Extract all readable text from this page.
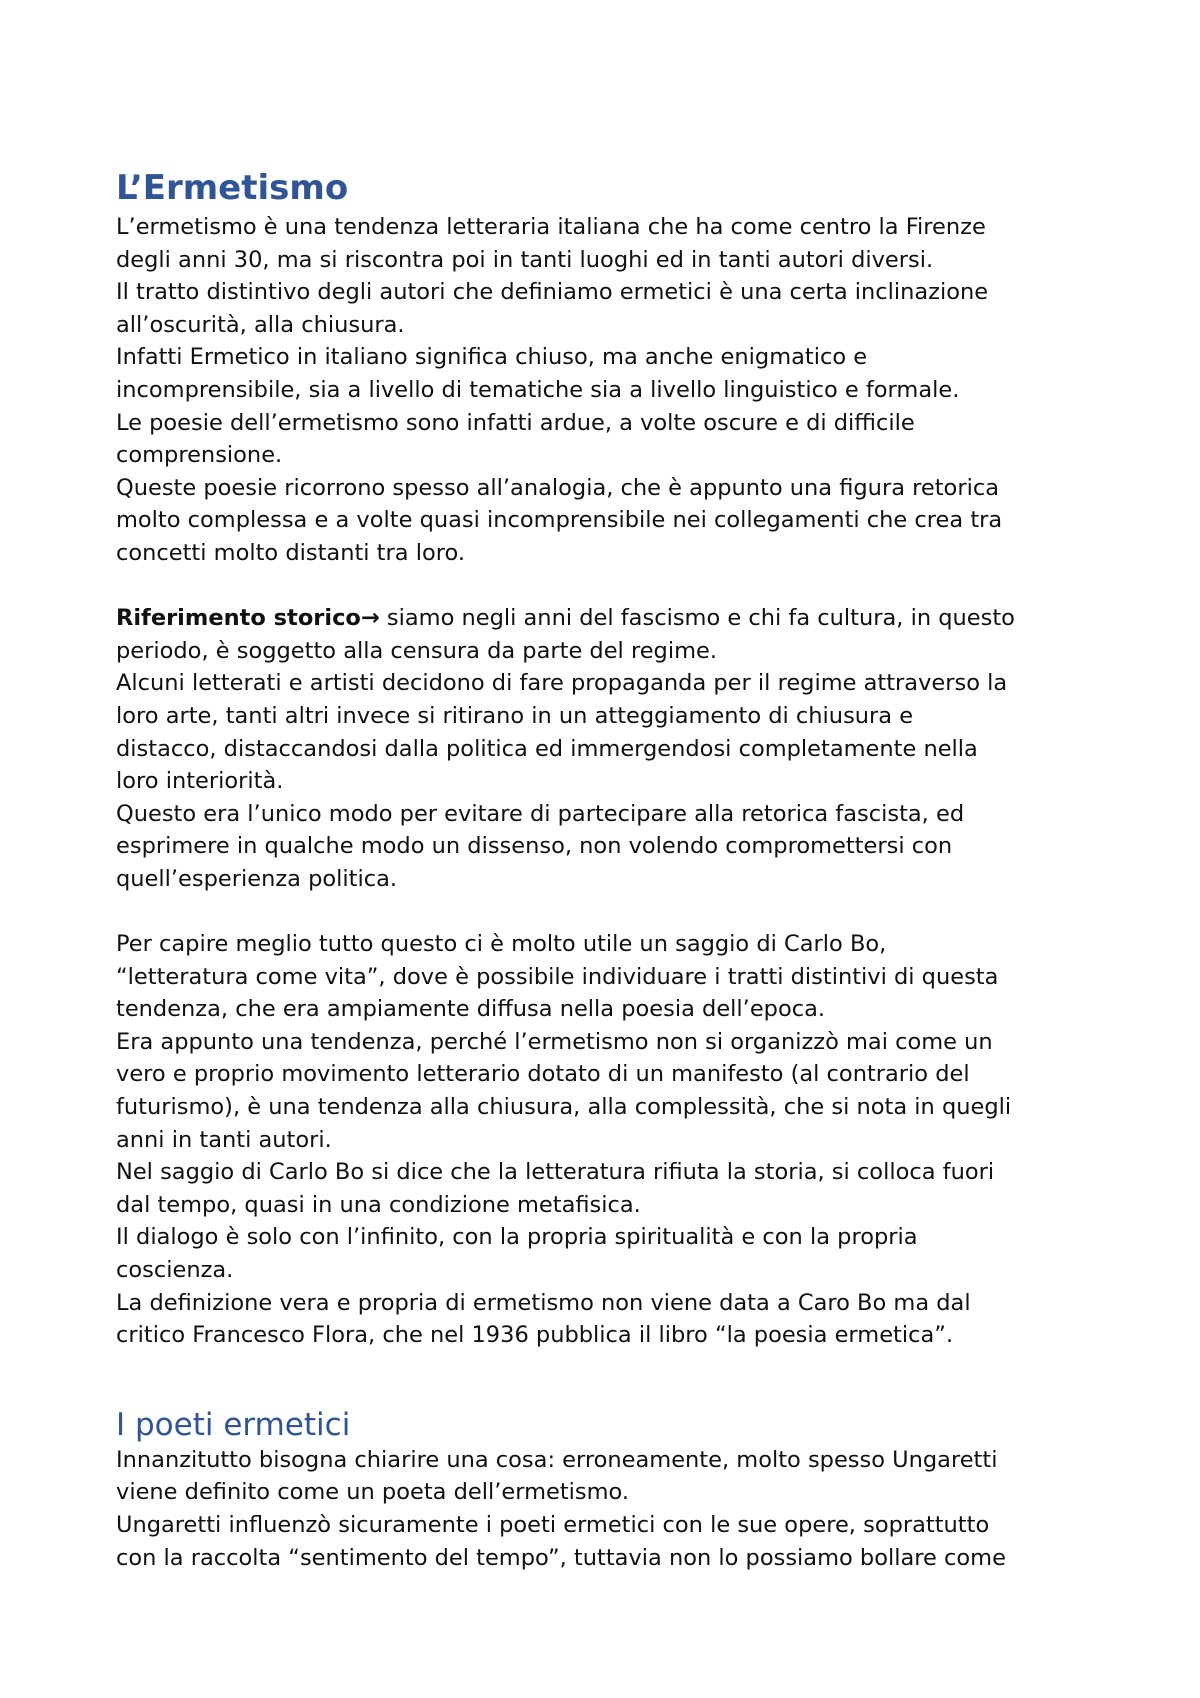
L’Ermetismo
L’ermetismo è una tendenza letteraria italiana che ha come centro la Firenze
degli anni 30, ma si riscontra poi in tanti luoghi ed in tanti autori diversi.
Il tratto distintivo degli autori che definiamo ermetici è una certa inclinazione
all’oscurità, alla chiusura.
Infatti Ermetico in italiano significa chiuso, ma anche enigmatico e
incomprensibile, sia a livello di tematiche sia a livello linguistico e formale.
Le poesie dell’ermetismo sono infatti ardue, a volte oscure e di difficile
comprensione.
Queste poesie ricorrono spesso all’analogia, che è appunto una figura retorica
molto complessa e a volte quasi incomprensibile nei collegamenti che crea tra
concetti molto distanti tra loro.
Riferimento storico→ siamo negli anni del fascismo e chi fa cultura, in questo
periodo, è soggetto alla censura da parte del regime.
Alcuni letterati e artisti decidono di fare propaganda per il regime attraverso la
loro arte, tanti altri invece si ritirano in un atteggiamento di chiusura e
distacco, distaccandosi dalla politica ed immergendosi completamente nella
loro interiorità.
Questo era l’unico modo per evitare di partecipare alla retorica fascista, ed
esprimere in qualche modo un dissenso, non volendo compromettersi con
quell’esperienza politica.
Per capire meglio tutto questo ci è molto utile un saggio di Carlo Bo,
“letteratura come vita”, dove è possibile individuare i tratti distintivi di questa
tendenza, che era ampiamente diffusa nella poesia dell’epoca.
Era appunto una tendenza, perché l’ermetismo non si organizzò mai come un
vero e proprio movimento letterario dotato di un manifesto (al contrario del
futurismo), è una tendenza alla chiusura, alla complessità, che si nota in quegli
anni in tanti autori.
Nel saggio di Carlo Bo si dice che la letteratura rifiuta la storia, si colloca fuori
dal tempo, quasi in una condizione metafisica.
Il dialogo è solo con l’infinito, con la propria spiritualità e con la propria
coscienza.
La definizione vera e propria di ermetismo non viene data a Caro Bo ma dal
critico Francesco Flora, che nel 1936 pubblica il libro “la poesia ermetica”.
I poeti ermetici
Innanzitutto bisogna chiarire una cosa: erroneamente, molto spesso Ungaretti
viene definito come un poeta dell’ermetismo.
Ungaretti influenzò sicuramente i poeti ermetici con le sue opere, soprattutto
con la raccolta “sentimento del tempo”, tuttavia non lo possiamo bollare come
